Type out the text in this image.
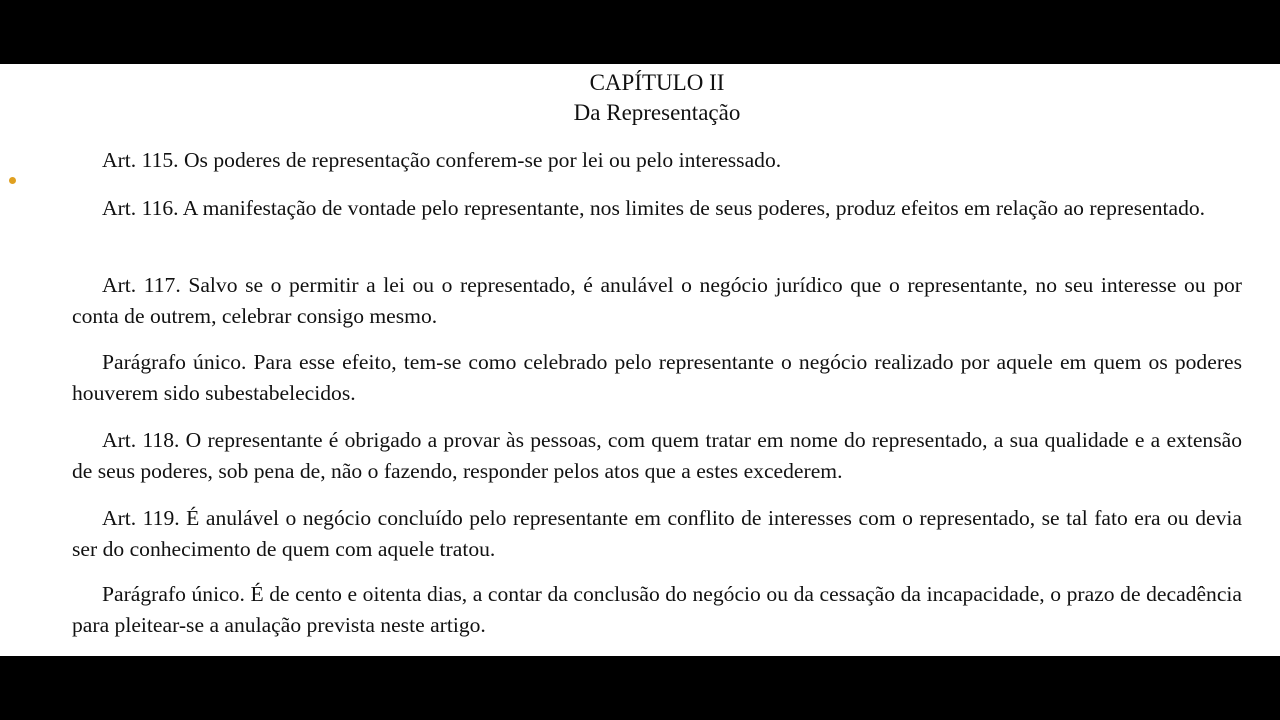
CAPÍTULO II
Da Representação

Art. 115. Os poderes de representação conferem-se por lei ou pelo interessado.

Art. 116. A manifestação de vontade pelo representante, nos limites de seus poderes, produz efeitos em relação ao representado.

Art. 117. Salvo se o permitir a lei ou o representado, é anulável o negócio jurídico que o representante, no seu interesse ou por conta de outrem, celebrar consigo mesmo.

Parágrafo único. Para esse efeito, tem-se como celebrado pelo representante o negócio realizado por aquele em quem os poderes houverem sido subestabelecidos.

Art. 118. O representante é obrigado a provar às pessoas, com quem tratar em nome do representado, a sua qualidade e a extensão de seus poderes, sob pena de, não o fazendo, responder pelos atos que a estes excederem.

Art. 119. É anulável o negócio concluído pelo representante em conflito de interesses com o representado, se tal fato era ou devia ser do conhecimento de quem com aquele tratou.

Parágrafo único. É de cento e oitenta dias, a contar da conclusão do negócio ou da cessação da incapacidade, o prazo de decadência para pleitear-se a anulação prevista neste artigo.
